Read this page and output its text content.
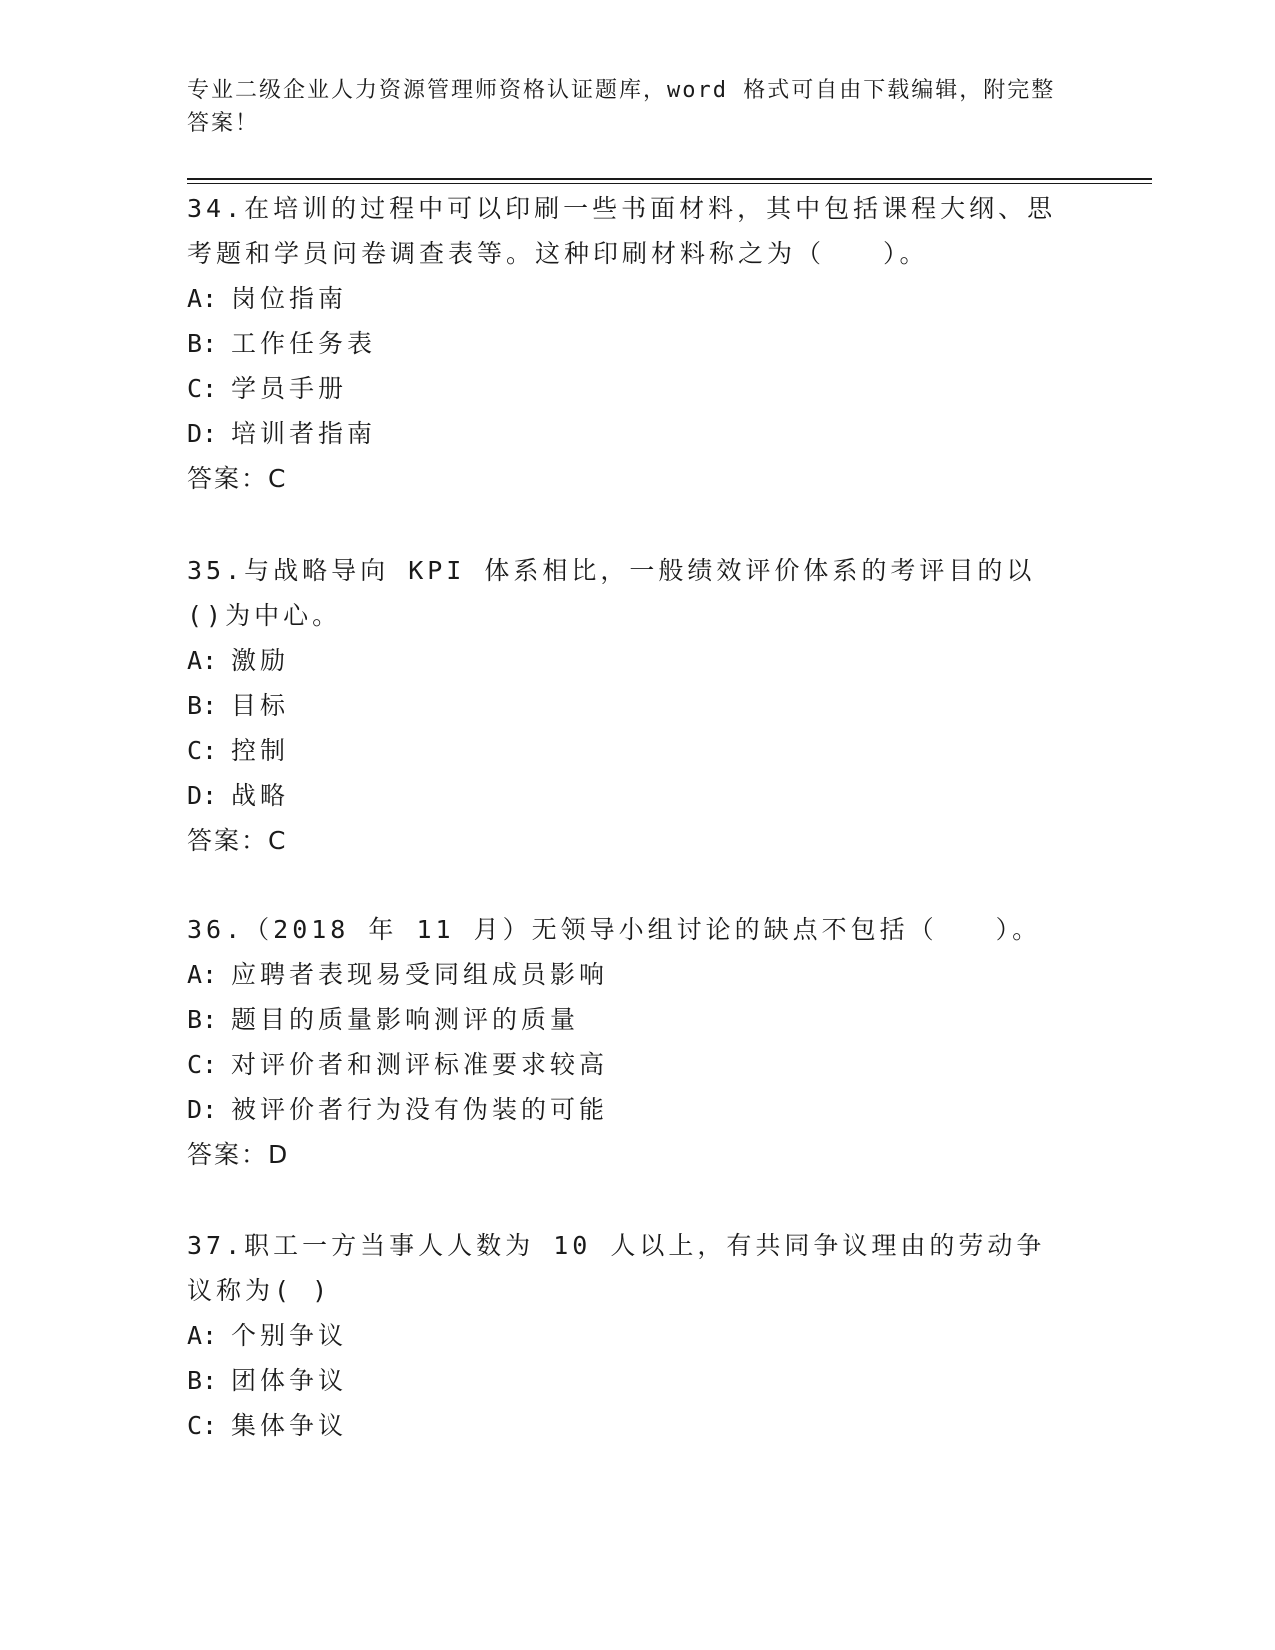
专业二级企业人力资源管理师资格认证题库，word 格式可自由下载编辑，附完整答案！

34.在培训的过程中可以印刷一些书面材料，其中包括课程大纲、思考题和学员问卷调查表等。这种印刷材料称之为（　　）。

A: 岗位指南

B: 工作任务表

C: 学员手册

D: 培训者指南

答案：C

35.与战略导向 KPI 体系相比，一般绩效评价体系的考评目的以()为中心。

A: 激励

B: 目标

C: 控制

D: 战略

答案：C

36.（2018 年 11 月）无领导小组讨论的缺点不包括（　　）。

A: 应聘者表现易受同组成员影响

B: 题目的质量影响测评的质量

C: 对评价者和测评标准要求较高

D: 被评价者行为没有伪装的可能

答案：D

37.职工一方当事人人数为 10 人以上，有共同争议理由的劳动争议称为( )

A: 个别争议

B: 团体争议

C: 集体争议
